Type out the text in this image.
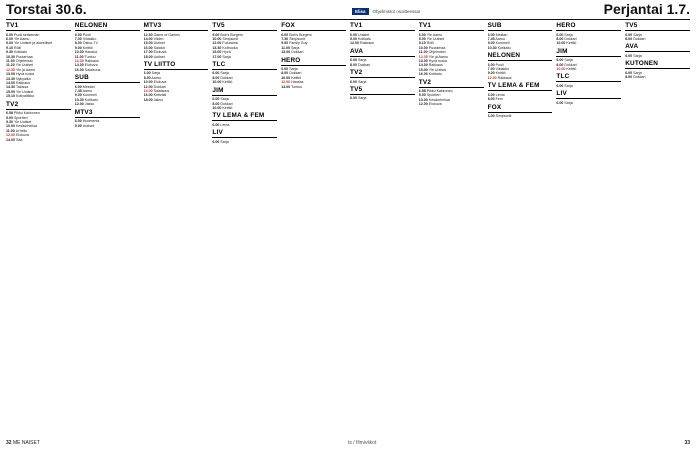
Torstai 30.6.	Elisa	Ohjelmistot osoitteessa!	Perjantai 1.7.
TV1
6.00 Puoli seitsemän
6.00 Yle Aamu
9.00 Yle Uutiset ja alueelliset
9.10 Rölli
9.30 Kotikatu
10.30 Puutarhaa
11.00 Ohjelmisto
11.20 Yle Uutiset
12.35 Yle ja Aamu
13.00 Hyvä ruoka
13.30 Nykyaika
14.00 Rakkaus
14.30 Talossa
15.00 Yle Uutiset
15.10 Kotivaltikko
TV2
6.58 Pikku Kakkonen
9.00 Sportteri
9.30 Yle Uutiset
10.00 Kesäurheilua
11.00 Urheilu
12.00 Elokuva
14.00 Sää
NELONEN
6.00 Puoli
7.00 Viidakko
8.00 Ostos-TV
9.00 Keittiö
10.00 Hauska
11.00 Tuntuu
12.30 Rakkaus
14.00 Elokuva
16.00 Salaisuus
SUB
6.00 Mestari
7.45 Aamu
9.00 Kummeli
10.30 Kotikatu
12.00 Jakso
MTV3
6.00 Huomenta
9.00 Uutiset
MTV3
12.30 Game of Games
14.00 Viiden
15.00 Uutiset
16.00 Salatut
17.00 Elokuva
18.00 Uutiset
TV LIITTO
6.00 Sarja
8.00 Aamu
10.00 Elokuva
12.00 Dokkari
14.00 Salaisuus
16.00 Kotiväki
18.00 Jakso
TV5
9.00 Bob's Burgers
10.00 Simpsonit
12.00 Futurama
13.30 Kotiruoka
15.00 Hyvä
17.00 Sarja
TLC
6.00 Sarja
8.00 Dokkari
10.00 Keittiö
JIM
6.00 Sarja
8.00 Dokkari
10.00 Keittiö
TV LEMA & FEM
6.00 Lema
LIV
6.00 Sarja
FOX
6.00 Bob's Burgers
7.30 Simpsonit
9.00 Family Guy
11.00 Sarja
13.00 Dokkari
HERO
6.00 Sarja
8.00 Dokkari
10.00 Keittiö
12.00 Hauska
14.00 Tuntuu
TV1
6.00 Uutiset
9.00 Kotikatu
12.00 Rakkaus
AVA
6.00 Sarja
8.00 Dokkari
TV2
6.00 Sarja
TV5
6.00 Sarja
TV1
6.00 Yle Aamu
9.00 Yle Uutiset
9.10 Rölli
10.00 Puutarhaa
11.00 Ohjelmisto
12.35 Yle ja Aamu
13.00 Hyvä ruoka
14.00 Rakkaus
15.00 Yle Uutiset
16.00 Kotikatu
TV2
6.58 Pikku Kakkonen
9.00 Sportteri
10.00 Kesäurheilua
12.00 Elokuva
SUB
6.00 Mestari
7.45 Aamu
9.00 Kummeli
10.30 Kotikatu
NELONEN
6.00 Puoli
7.00 Viidakko
9.00 Keittiö
12.30 Rakkaus
TV LEMA & FEM
6.00 Lema
8.00 Fem
FOX
6.00 Simpsonit
HERO
6.00 Sarja
8.00 Dokkari
10.00 Keittiö
JIM
6.00 Sarja
8.00 Dokkari
10.00 Keittiö
TLC
6.00 Sarja
LIV
6.00 Sarja
TV5
6.00 Sarja
8.00 Dokkari
AVA
6.00 Sarja
KUTONEN
6.00 Sarja
8.00 Dokkari
32 ME NAISET	ts / filmiviikot	33
